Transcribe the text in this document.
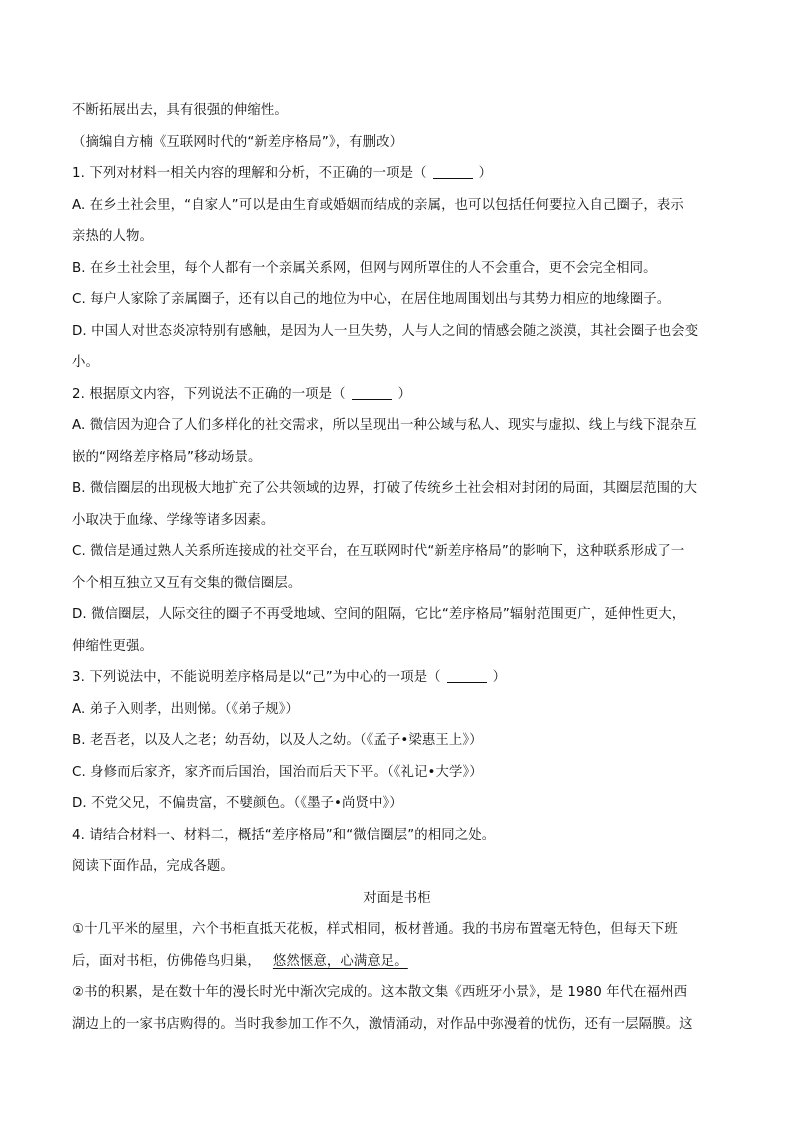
不断拓展出去，具有很强的伸缩性。
（摘编自方楠《互联网时代的“新差序格局”》，有删改）
1. 下列对材料一相关内容的理解和分析，不正确的一项是（	）
A. 在乡土社会里，“自家人”可以是由生育或婚姻而结成的亲属，也可以包括任何要拉入自己圈子，表示
亲热的人物。
B. 在乡土社会里，每个人都有一个亲属关系网，但网与网所罩住的人不会重合，更不会完全相同。
C. 每户人家除了亲属圈子，还有以自己的地位为中心，在居住地周围划出与其势力相应的地缘圈子。
D. 中国人对世态炎凉特别有感触，是因为人一旦失势，人与人之间的情感会随之淡漠，其社会圈子也会变
小。
2. 根据原文内容，下列说法不正确的一项是（	）
A. 微信因为迎合了人们多样化的社交需求，所以呈现出一种公域与私人、现实与虚拟、线上与线下混杂互
嵌的“网络差序格局”移动场景。
B. 微信圈层的出现极大地扩充了公共领域的边界，打破了传统乡土社会相对封闭的局面，其圈层范围的大
小取决于血缘、学缘等诸多因素。
C. 微信是通过熟人关系所连接成的社交平台，在互联网时代“新差序格局”的影响下，这种联系形成了一
个个相互独立又互有交集的微信圈层。
D. 微信圈层，人际交往的圈子不再受地域、空间的阻隔，它比“差序格局”辐射范围更广，延伸性更大，
伸缩性更强。
3. 下列说法中，不能说明差序格局是以“己”为中心的一项是（	）
A. 弟子入则孝，出则悌。（《弟子规》）
B. 老吾老，以及人之老；幼吾幼，以及人之幼。（《孟子•梁惠王上》）
C. 身修而后家齐，家齐而后国治，国治而后天下平。（《礼记•大学》）
D. 不党父兄，不偏贵富，不嬖颜色。（《墨子•尚贤中》）
4. 请结合材料一、材料二，概括“差序格局”和“微信圈层”的相同之处。
阅读下面作品，完成各题。
对面是书柜
①十几平米的屋里，六个书柜直抵天花板，样式相同，板材普通。我的书房布置毫无特色，但每天下班
后，面对书柜，仿佛倦鸟归巢， 悠然惬意，心满意足。
②书的积累，是在数十年的漫长时光中渐次完成的。这本散文集《西班牙小景》，是 1980 年代在福州西
湖边上的一家书店购得的。当时我参加工作不久，激情涌动，对作品中弥漫着的忧伤，还有一层隔膜。这
